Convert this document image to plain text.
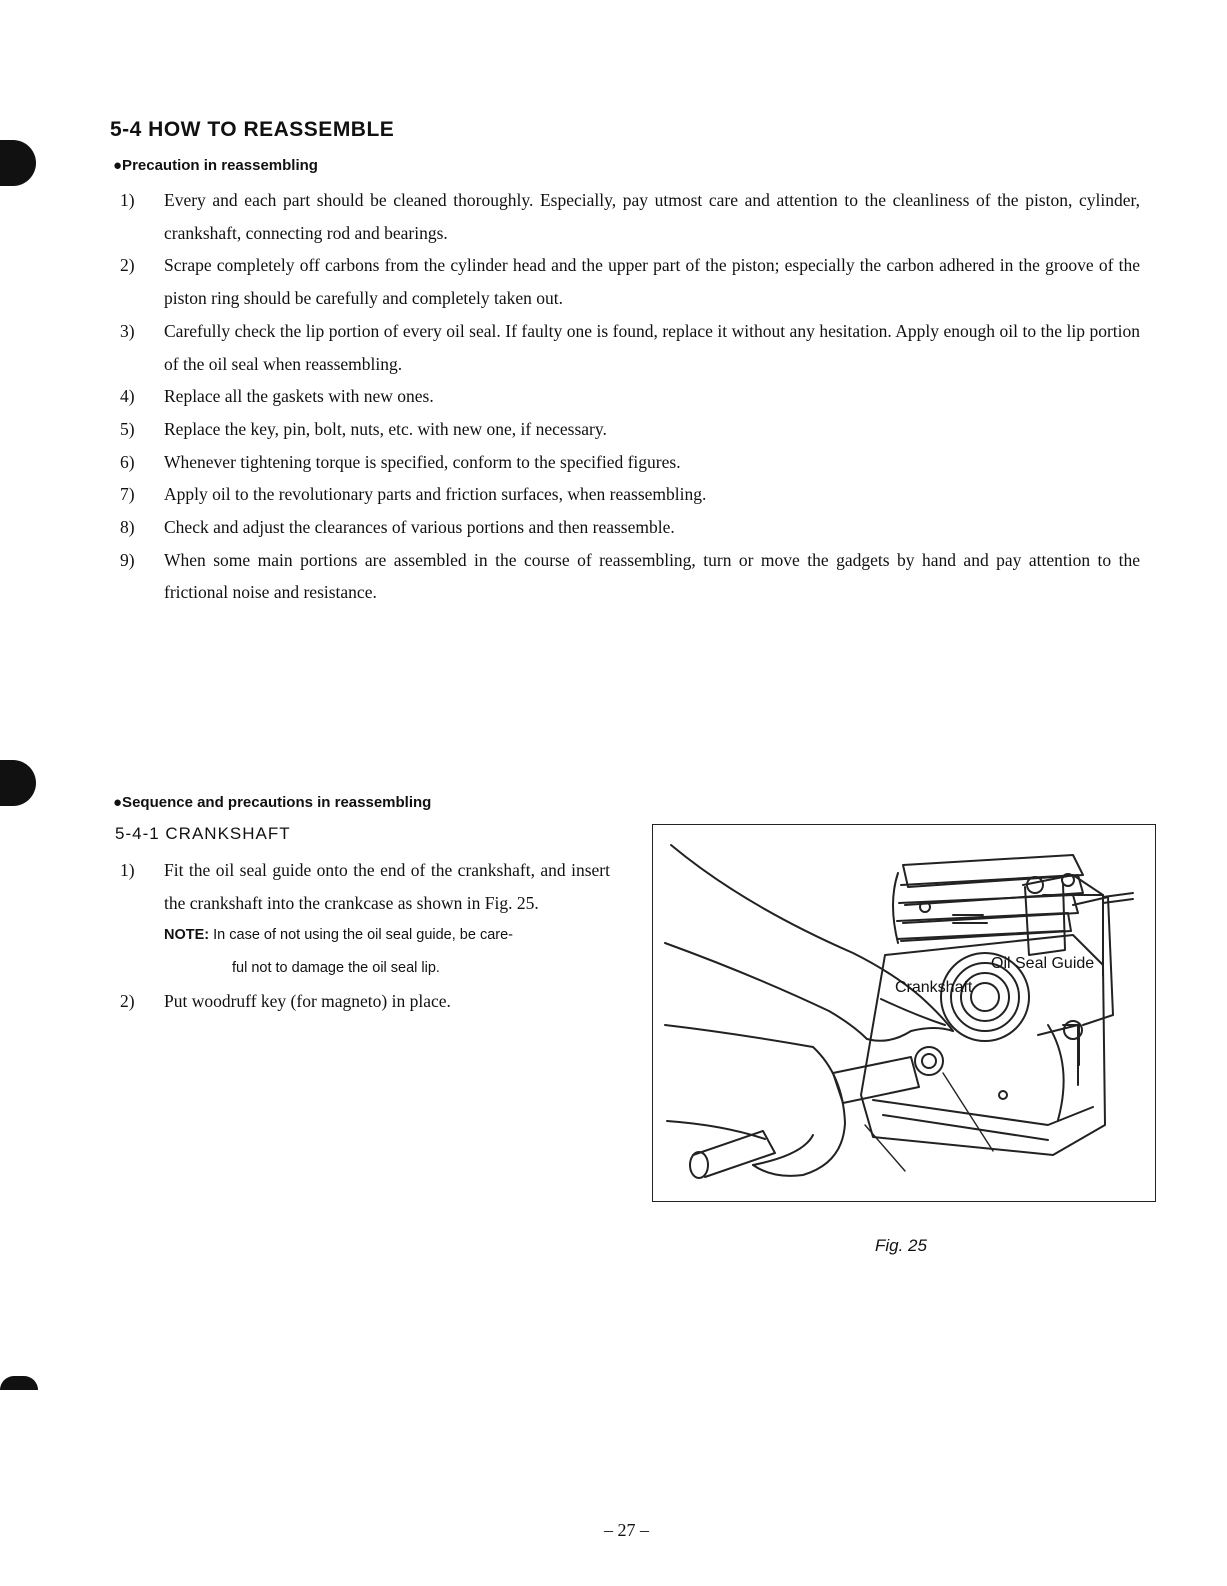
5-4 HOW TO REASSEMBLE
●Precaution in reassembling
1)	Every and each part should be cleaned thoroughly. Especially, pay utmost care and attention to the cleanliness of the piston, cylinder, crankshaft, connecting rod and bearings.
2)	Scrape completely off carbons from the cylinder head and the upper part of the piston; especially the carbon adhered in the groove of the piston ring should be carefully and completely taken out.
3)	Carefully check the lip portion of every oil seal. If faulty one is found, replace it without any hesitation. Apply enough oil to the lip portion of the oil seal when reassembling.
4)	Replace all the gaskets with new ones.
5)	Replace the key, pin, bolt, nuts, etc. with new one, if necessary.
6)	Whenever tightening torque is specified, conform to the specified figures.
7)	Apply oil to the revolutionary parts and friction surfaces, when reassembling.
8)	Check and adjust the clearances of various portions and then reassemble.
9)	When some main portions are assembled in the course of reassembling, turn or move the gadgets by hand and pay attention to the frictional noise and resistance.
●Sequence and precautions in reassembling
5-4-1 CRANKSHAFT
1)	Fit the oil seal guide onto the end of the crankshaft, and insert the crankshaft into the crankcase as shown in Fig. 25.
NOTE: In case of not using the oil seal guide, be care-
ful not to damage the oil seal lip.
2)	Put woodruff key (for magneto) in place.
Oil Seal Guide
Crankshaft
Fig. 25
– 27 –
